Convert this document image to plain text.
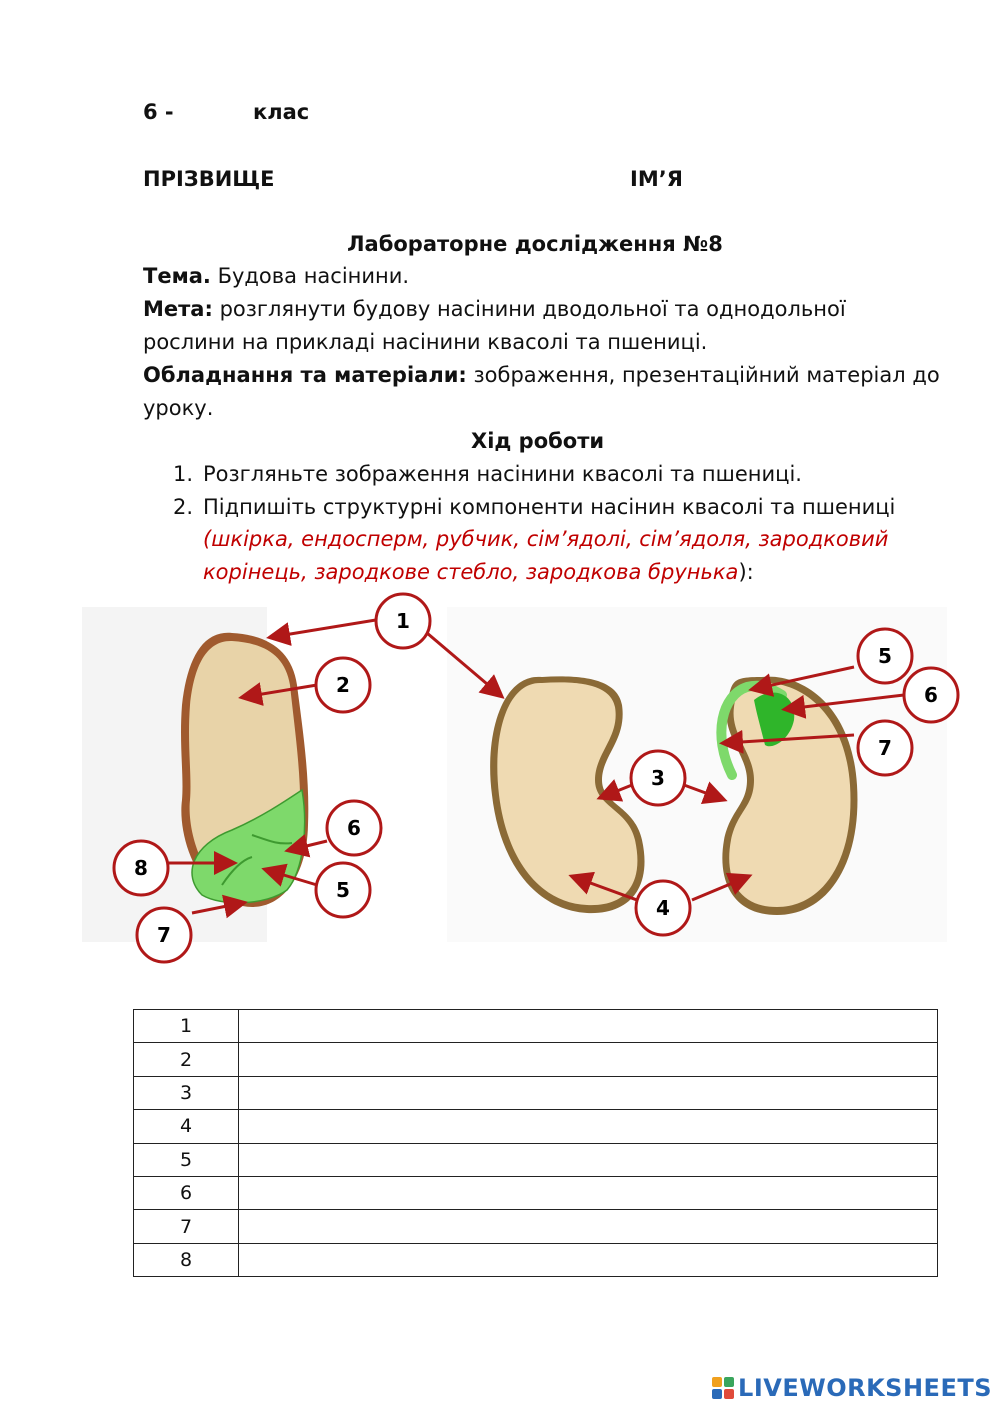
6 -	клас
ПРІЗВИЩЕ	ІМ’Я
Лабораторне дослідження №8
Тема. Будова насінини.
Мета: розглянути будову насінини дводольної та однодольної
рослини на прикладі насінини квасолі та пшениці.
Обладнання та матеріали: зображення, презентаційний матеріал до
уроку.
Хід роботи
1. Розгляньте зображення насінини квасолі та пшениці.
2. Підпишіть структурні компоненти насінин квасолі та пшениці
(шкірка, ендосперм, рубчик, сім’ядолі, сім’ядоля, зародковий
корінець, зародкове стебло, зародкова брунька):
1
2
3
4
5
6
7
8
6
5
7
1	
2	
3	
4	
5	
6	
7	
8	
LIVEWORKSHEETS
